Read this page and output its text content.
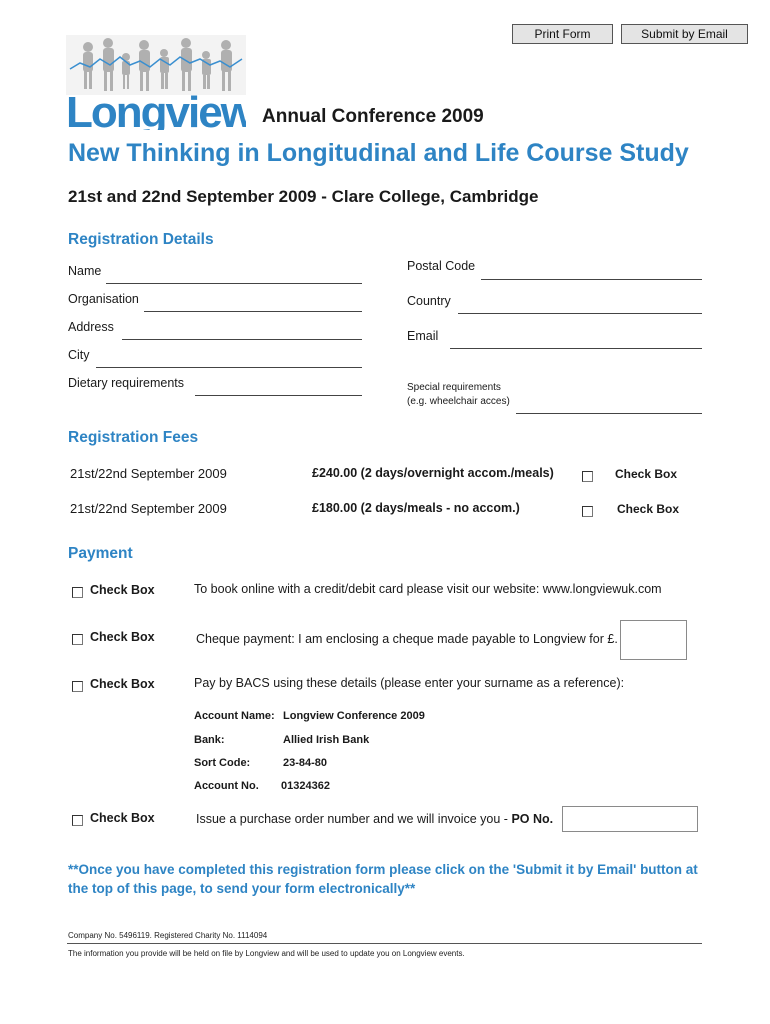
Print Form	Submit by Email
Longview Annual Conference 2009
New Thinking in Longitudinal and Life Course Study
21st and 22nd September 2009 - Clare College, Cambridge
Registration Details
Name
Organisation
Address
City
Dietary requirements
Postal Code
Country
Email
Special requirements
(e.g. wheelchair acces)
Registration Fees
21st/22nd September 2009	£240.00 (2 days/overnight accom./meals)	Check Box
21st/22nd September 2009	£180.00 (2 days/meals - no accom.)	Check Box
Payment
Check Box	To book online with a credit/debit card please visit our website: www.longviewuk.com
Check Box	Cheque payment: I am enclosing a cheque made payable to Longview for £.
Check Box	Pay by BACS using these details (please enter your surname as a reference):
Account Name: Longview Conference 2009
Bank:	Allied Irish Bank
Sort Code:	23-84-80
Account No. 01324362
Check Box	Issue a purchase order number and we will invoice you - PO No.
**Once you have completed this registration form please click on the 'Submit it by Email' button at
the top of this page, to send your form electronically**
Company No. 5496119. Registered Charity No. 1114094
The information you provide will be held on file by Longview and will be used to update you on Longview events.
